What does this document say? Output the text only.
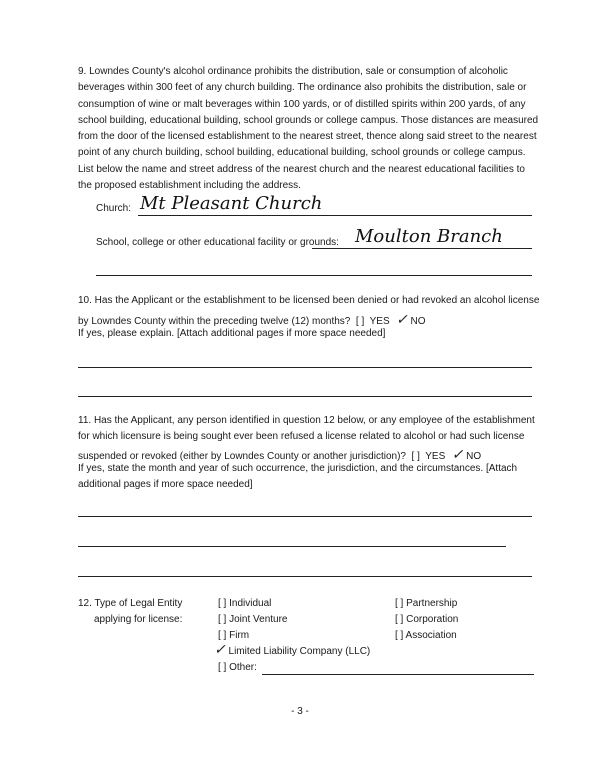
9. Lowndes County's alcohol ordinance prohibits the distribution, sale or consumption of alcoholic beverages within 300 feet of any church building. The ordinance also prohibits the distribution, sale or consumption of wine or malt beverages within 100 yards, or of distilled spirits within 200 yards, of any school building, educational building, school grounds or college campus. Those distances are measured from the door of the licensed establishment to the nearest street, thence along said street to the nearest point of any church building, school building, educational building, school grounds or college campus. List below the name and street address of the nearest church and the nearest educational facilities to the proposed establishment including the address.
Church: Mt Pleasant Church
School, college or other educational facility or grounds: Moulton Branch
10. Has the Applicant or the establishment to be licensed been denied or had revoked an alcohol license
by Lowndes County within the preceding twelve (12) months?  [ ]  YES   ✓ NO
If yes, please explain. [Attach additional pages if more space needed]
11. Has the Applicant, any person identified in question 12 below, or any employee of the establishment
for which licensure is being sought ever been refused a license related to alcohol or had such license
suspended or revoked (either by Lowndes County or another jurisdiction)?  [ ]  YES   ✓ NO
If yes, state the month and year of such occurrence, the jurisdiction, and the circumstances. [Attach
additional pages if more space needed]
12. Type of Legal Entity
applying for license:
[ ] Individual
[ ] Joint Venture
[ ] Firm
[ ] Partnership
[ ] Corporation
[ ] Association
✓ Limited Liability Company (LLC)
[ ] Other:
- 3 -
